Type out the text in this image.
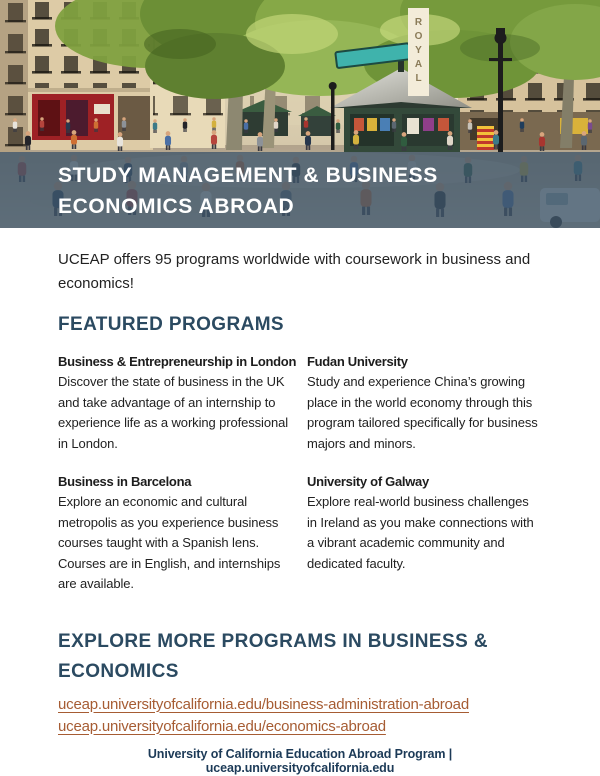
ROYAL
STUDY MANAGEMENT & BUSINESS
ECONOMICS ABROAD

UCEAP offers 95 programs worldwide with coursework in business and economics!

FEATURED PROGRAMS
Business & Entrepreneurship in London
Discover the state of business in the UK and take advantage of an internship to experience life as a working professional in London.
Business in Barcelona
Explore an economic and cultural metropolis as you experience business courses taught with a Spanish lens. Courses are in English, and internships are available.
Fudan University
Study and experience China’s growing place in the world economy through this program tailored specifically for business majors and minors.
University of Galway
Explore real-world business challenges in Ireland as you make connections with a vibrant academic community and dedicated faculty.
EXPLORE MORE PROGRAMS IN BUSINESS & ECONOMICS
uceap.universityofcalifornia.edu/business-administration-abroad
uceap.universityofcalifornia.edu/economics-abroad
University of California Education Abroad Program | uceap.universityofcalifornia.edu
